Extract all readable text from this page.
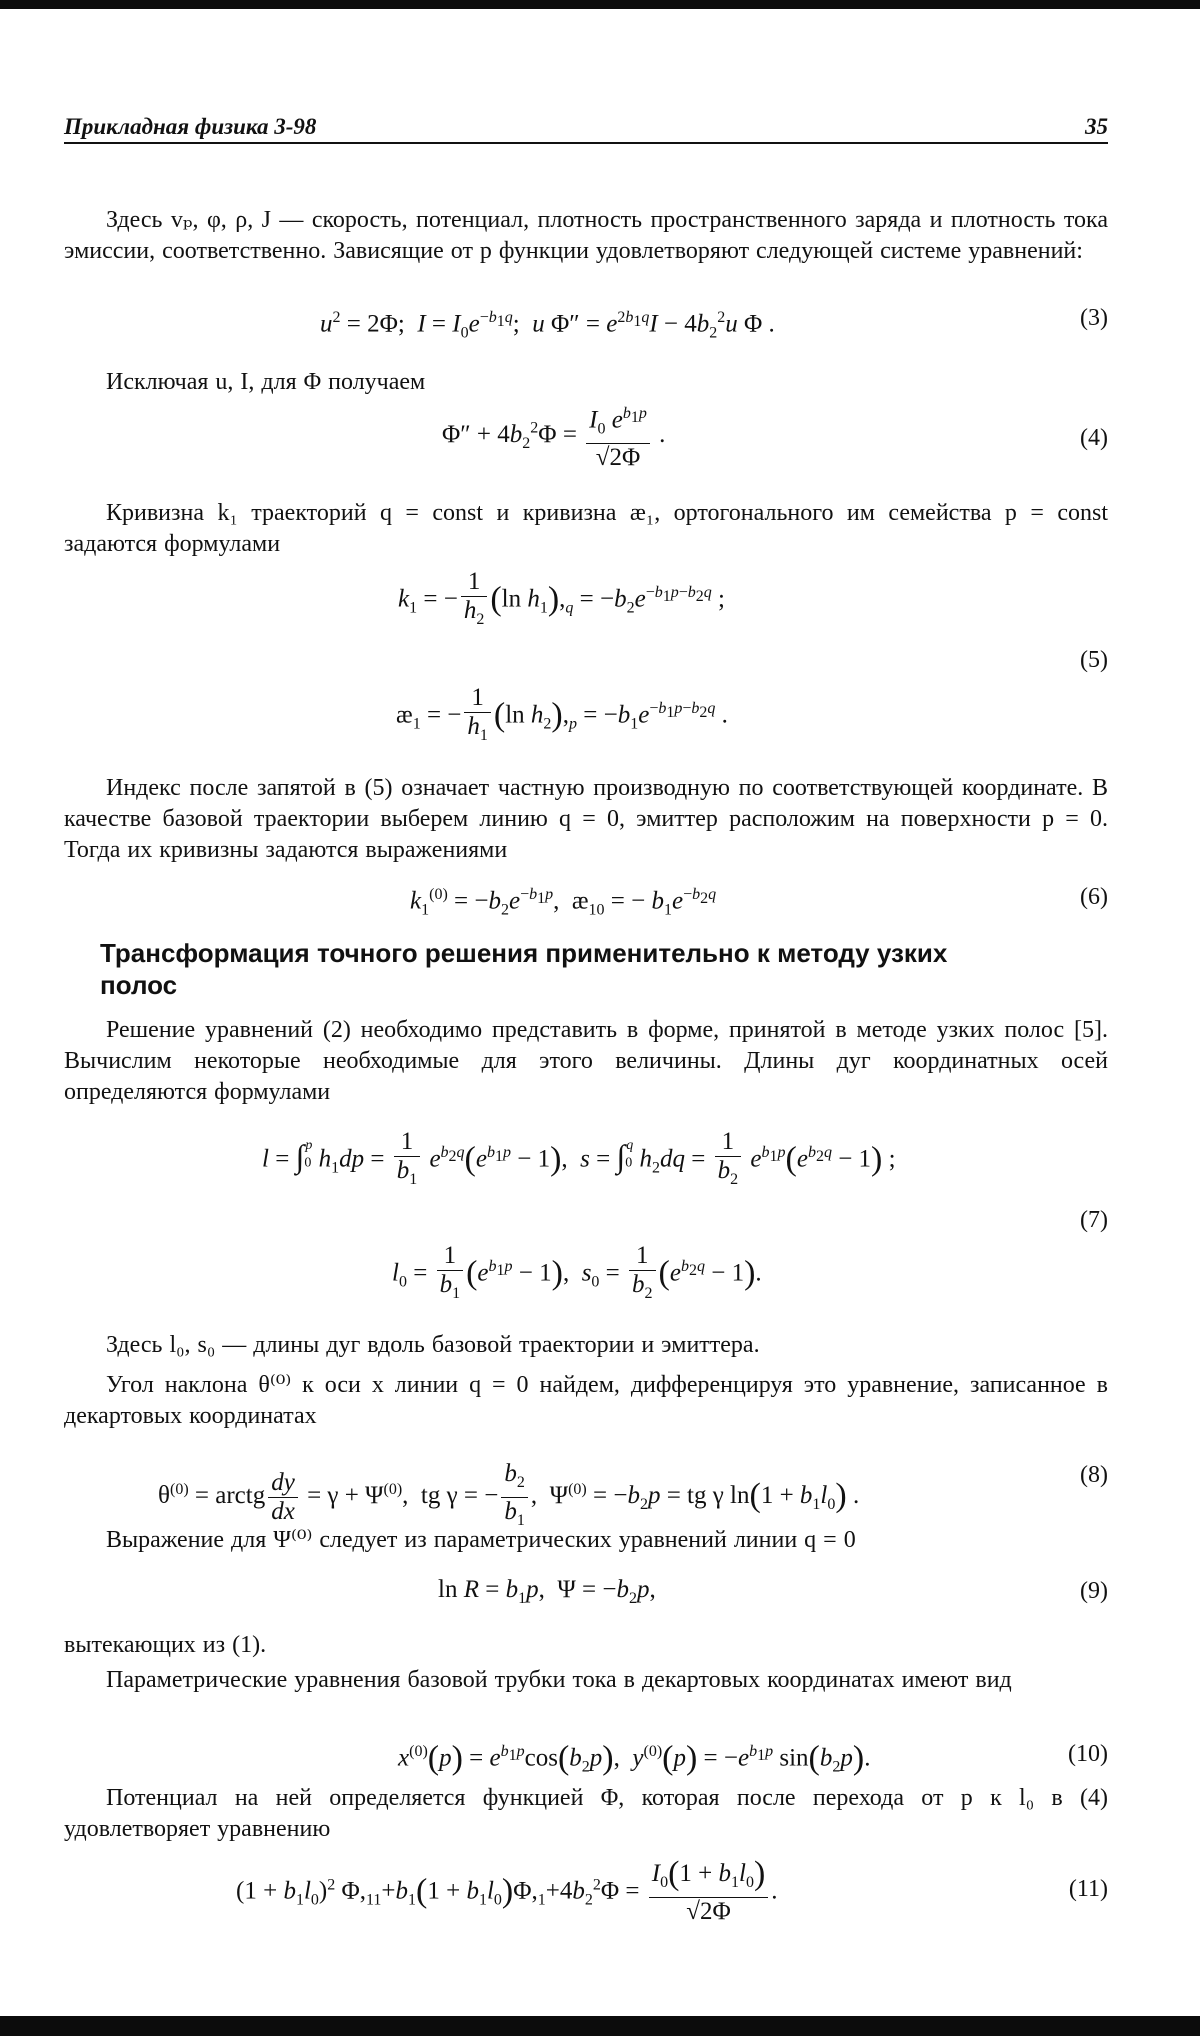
Прикладная физика 3-98	35
Здесь vₚ, φ, ρ, J — скорость, потенциал, плотность пространственного заряда и плотность тока эмиссии, соответственно. Зависящие от p функции удовлетворяют следующей системе уравнений:
$u^2 = 2\Phi$;  $I = I_0e^{-b_1q}$;  u $\Phi'' = e^{2b_1q}I - 4b_2^2u$ Φ .	(3)
Исключая u, I, для Φ получаем
$\Phi'' + 4b_2^2\Phi = \frac{I_0 e^{b_1p}}{√2\Phi}$ .	(4)
Кривизна k₁ траекторий q = const и кривизна æ₁, ортогонального им семейства p = const задаются формулами
$k_1$ = − $\frac{1}{h_2} (\ln$ $h_1),_q = -b_2e^{-b_1p-b_2q}$ ;
$æ_1$ = − $\frac{1}{h_1} (\ln$ $h_2),_p = -b_1e^{-b_1p-b_2q}$ .
(5)
Индекс после запятой в (5) означает частную производную по соответствующей координате. В качестве базовой траектории выберем линию q = 0, эмиттер расположим на поверхности p = 0. Тогда их кривизны задаются выражениями
$k_1^{(0)} = -b_2e^{-b_1p}$,  $æ_{10}$ = − $b_1e^{-b_2q}$	(6)
Трансформация точного решения применительно к методу узких полос
Решение уравнений (2) необходимо представить в форме, принятой в методе узких полос [5]. Вычислим некоторые необходимые для этого величины. Длины дуг координатных осей определяются формулами
$l = \int 0^p$ $h_1dp = \frac{1}{b_1} e^{b_2q}(e^{b_1p} - 1)$,  $s = \int 0^q$ $h_2dq = \frac{1}{b_2} e^{b_1p}(e^{b_2q} - 1)$ ;
$l_0 = \frac{1}{b_1} (e^{b_1p} - 1)$,  $s_0 = \frac{1}{b_2} (e^{b_2q} - 1)$.
(7)
Здесь l₀, s₀ — длины дуг вдоль базовой траектории и эмиттера.
Угол наклона θ⁽⁰⁾ к оси x линии q = 0 найдем, дифференцируя это уравнение, записанное в декартовых координатах
$\theta^{(0)}$ = arctg $\frac{dy}{dx} = \gamma + \Psi^{(0)}$,  tg γ = − $\frac{b_2}{b_1}$ ,  $\Psi^{(0)} = -b_2p$ = tg γ $\ln(1 + b_1l_0)$ .
(8)
Выражение для Ψ⁽⁰⁾ следует из параметрических уравнений линии q = 0
$\ln R = b_1p$,  $\Psi = -b_2p$,	(9)
вытекающих из (1).
Параметрические уравнения базовой трубки тока в декартовых координатах имеют вид
$x^{(0)}(p) = e^{b_1p}\cos(b_2p)$,  $y^{(0)}(p) = -e^{b_1p}$ $\sin(b_2p)$.	(10)
Потенциал на ней определяется функцией Φ, которая после перехода от p к l₀ в (4) удовлетворяет уравнению
$(1 + b_1l_0)^2$ $\Phi,_{11}+b_1(1 + b_1l_0)\Phi,_1+4b_2^2\Phi = \frac{I_0(1 + b_1l_0)}{√2\Phi}$ .	(11)
